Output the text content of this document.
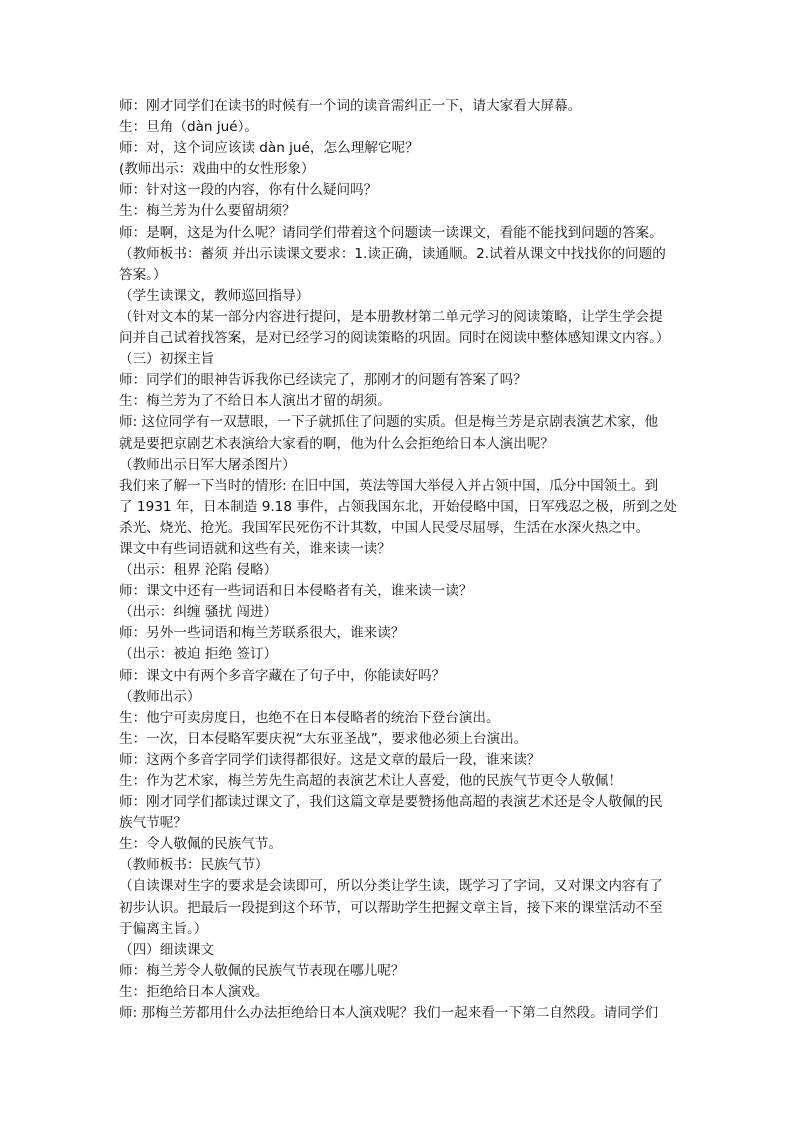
师：刚才同学们在读书的时候有一个词的读音需纠正一下，请大家看大屏幕。
生：旦角（dàn jué）。
师：对，这个词应该读 dàn jué，怎么理解它呢？
(教师出示：戏曲中的女性形象）
师：针对这一段的内容，你有什么疑问吗？
生：梅兰芳为什么要留胡须？
师：是啊，这是为什么呢？请同学们带着这个问题读一读课文，看能不能找到问题的答案。
（教师板书：蓄须 并出示读课文要求：1.读正确，读通顺。2.试着从课文中找找你的问题的
答案。）
（学生读课文，教师巡回指导）
（针对文本的某一部分内容进行提问，是本册教材第二单元学习的阅读策略，让学生学会提
问并自己试着找答案，是对已经学习的阅读策略的巩固。同时在阅读中整体感知课文内容。）
（三）初探主旨
师：同学们的眼神告诉我你已经读完了，那刚才的问题有答案了吗？
生：梅兰芳为了不给日本人演出才留的胡须。
师: 这位同学有一双慧眼，一下子就抓住了问题的实质。但是梅兰芳是京剧表演艺术家，他
就是要把京剧艺术表演给大家看的啊，他为什么会拒绝给日本人演出呢？
（教师出示日军大屠杀图片）
我们来了解一下当时的情形: 在旧中国，英法等国大举侵入并占领中国，瓜分中国领土。到
了 1931 年，日本制造 9.18 事件，占领我国东北，开始侵略中国，日军残忍之极，所到之处
杀光、烧光、抢光。我国军民死伤不计其数，中国人民受尽屈辱，生活在水深火热之中。
课文中有些词语就和这些有关，谁来读一读？
（出示：租界 沦陷 侵略）
师：课文中还有一些词语和日本侵略者有关，谁来读一读？
（出示：纠缠 骚扰 闯进）
师：另外一些词语和梅兰芳联系很大，谁来读？
（出示：被迫 拒绝 签订）
师：课文中有两个多音字藏在了句子中，你能读好吗？
（教师出示）
生：他宁可卖房度日，也绝不在日本侵略者的统治下登台演出。
生：一次，日本侵略军要庆祝“大东亚圣战”，要求他必须上台演出。
师：这两个多音字同学们读得都很好。这是文章的最后一段，谁来读？
生：作为艺术家，梅兰芳先生高超的表演艺术让人喜爱，他的民族气节更令人敬佩！
师：刚才同学们都读过课文了，我们这篇文章是要赞扬他高超的表演艺术还是令人敬佩的民
族气节呢？
生：令人敬佩的民族气节。
（教师板书：民族气节）
（自读课对生字的要求是会读即可，所以分类让学生读，既学习了字词，又对课文内容有了
初步认识。把最后一段提到这个环节，可以帮助学生把握文章主旨，接下来的课堂活动不至
于偏离主旨。）
（四）细读课文
师：梅兰芳令人敬佩的民族气节表现在哪儿呢？
生：拒绝给日本人演戏。
师: 那梅兰芳都用什么办法拒绝给日本人演戏呢？我们一起来看一下第二自然段。请同学们
